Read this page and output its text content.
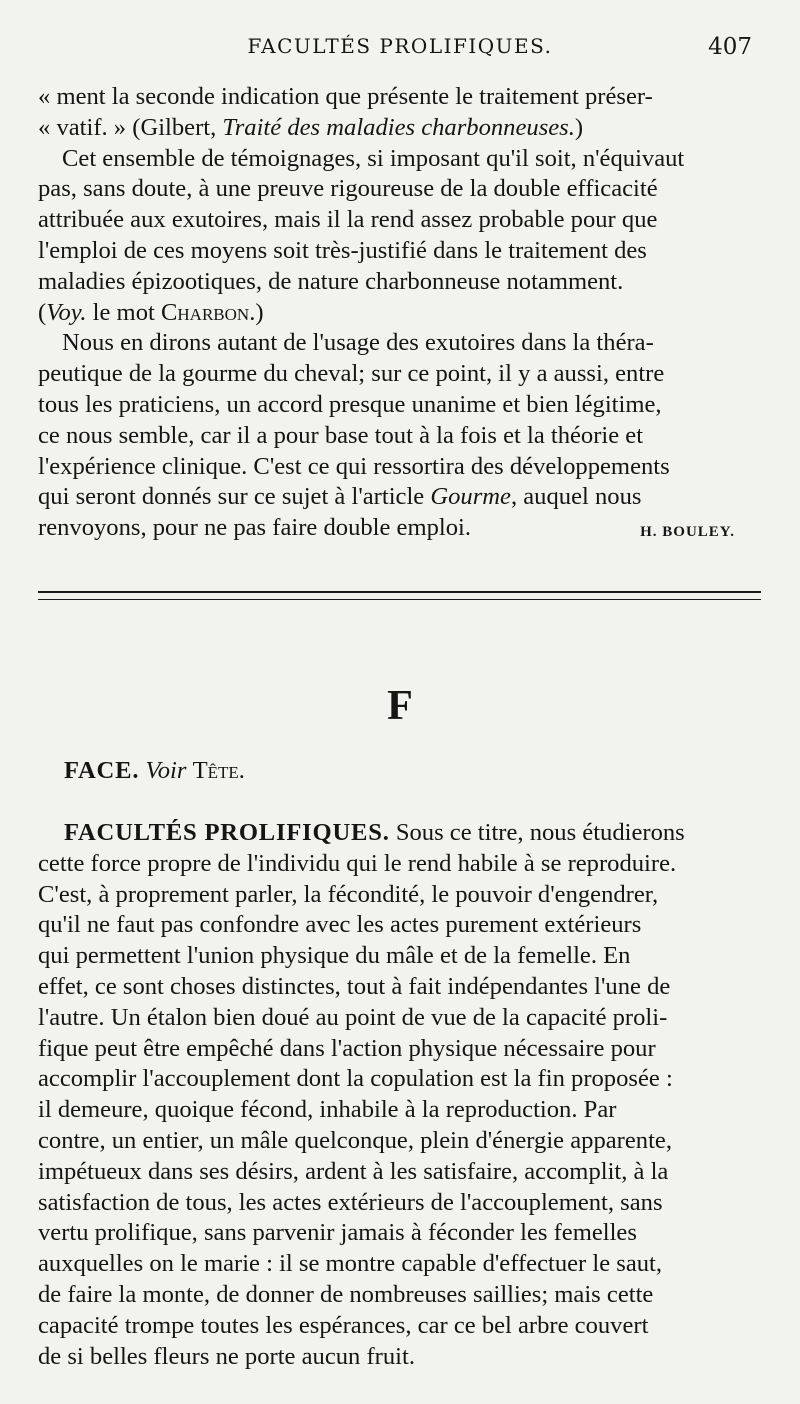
FACULTÉS PROLIFIQUES.	407

« ment la seconde indication que présente le traitement préser-
« vatif. » (Gilbert, Traité des maladies charbonneuses.)

Cet ensemble de témoignages, si imposant qu'il soit, n'équivaut
pas, sans doute, à une preuve rigoureuse de la double efficacité
attribuée aux exutoires, mais il la rend assez probable pour que
l'emploi de ces moyens soit très-justifié dans le traitement des
maladies épizootiques, de nature charbonneuse notamment.
(Voy. le mot Charbon.)

Nous en dirons autant de l'usage des exutoires dans la théra-
peutique de la gourme du cheval; sur ce point, il y a aussi, entre
tous les praticiens, un accord presque unanime et bien légitime,
ce nous semble, car il a pour base tout à la fois et la théorie et
l'expérience clinique. C'est ce qui ressortira des développements
qui seront donnés sur ce sujet à l'article Gourme, auquel nous
renvoyons, pour ne pas faire double emploi.	H. BOULEY.

F
FACE. Voir Tête.

FACULTÉS PROLIFIQUES. Sous ce titre, nous étudierons
cette force propre de l'individu qui le rend habile à se reproduire.
C'est, à proprement parler, la fécondité, le pouvoir d'engendrer,
qu'il ne faut pas confondre avec les actes purement extérieurs
qui permettent l'union physique du mâle et de la femelle. En
effet, ce sont choses distinctes, tout à fait indépendantes l'une de
l'autre. Un étalon bien doué au point de vue de la capacité proli-
fique peut être empêché dans l'action physique nécessaire pour
accomplir l'accouplement dont la copulation est la fin proposée :
il demeure, quoique fécond, inhabile à la reproduction. Par
contre, un entier, un mâle quelconque, plein d'énergie apparente,
impétueux dans ses désirs, ardent à les satisfaire, accomplit, à la
satisfaction de tous, les actes extérieurs de l'accouplement, sans
vertu prolifique, sans parvenir jamais à féconder les femelles
auxquelles on le marie : il se montre capable d'effectuer le saut,
de faire la monte, de donner de nombreuses saillies; mais cette
capacité trompe toutes les espérances, car ce bel arbre couvert
de si belles fleurs ne porte aucun fruit.
